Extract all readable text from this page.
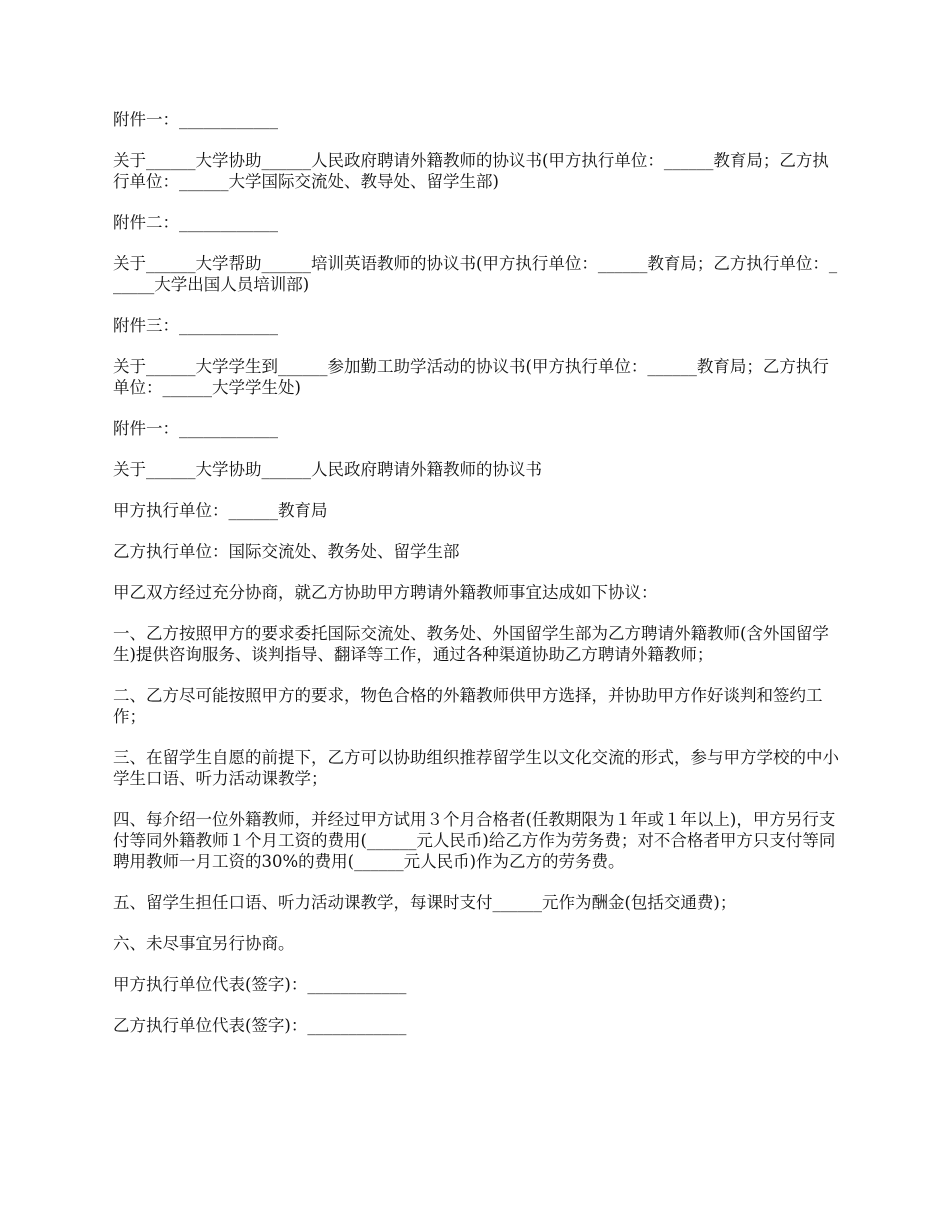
附件一：____________

关于______大学协助______人民政府聘请外籍教师的协议书(甲方执行单位：______教育局；乙方执行单位：______大学国际交流处、教导处、留学生部)

附件二：____________

关于______大学帮助______培训英语教师的协议书(甲方执行单位：______教育局；乙方执行单位：______大学出国人员培训部)

附件三：____________

关于______大学学生到______参加勤工助学活动的协议书(甲方执行单位：______教育局；乙方执行单位：______大学学生处)

附件一：____________

关于______大学协助______人民政府聘请外籍教师的协议书

甲方执行单位：______教育局

乙方执行单位：国际交流处、教务处、留学生部

甲乙双方经过充分协商，就乙方协助甲方聘请外籍教师事宜达成如下协议：

一、乙方按照甲方的要求委托国际交流处、教务处、外国留学生部为乙方聘请外籍教师(含外国留学生)提供咨询服务、谈判指导、翻译等工作，通过各种渠道协助乙方聘请外籍教师；

二、乙方尽可能按照甲方的要求，物色合格的外籍教师供甲方选择，并协助甲方作好谈判和签约工作；

三、在留学生自愿的前提下，乙方可以协助组织推荐留学生以文化交流的形式，参与甲方学校的中小学生口语、听力活动课教学；

四、每介绍一位外籍教师，并经过甲方试用３个月合格者(任教期限为１年或１年以上)，甲方另行支付等同外籍教师１个月工资的费用(______元人民币)给乙方作为劳务费；对不合格者甲方只支付等同聘用教师一月工资的30%的费用(______元人民币)作为乙方的劳务费。

五、留学生担任口语、听力活动课教学，每课时支付______元作为酬金(包括交通费)；

六、未尽事宜另行协商。

甲方执行单位代表(签字)：____________

乙方执行单位代表(签字)：____________
